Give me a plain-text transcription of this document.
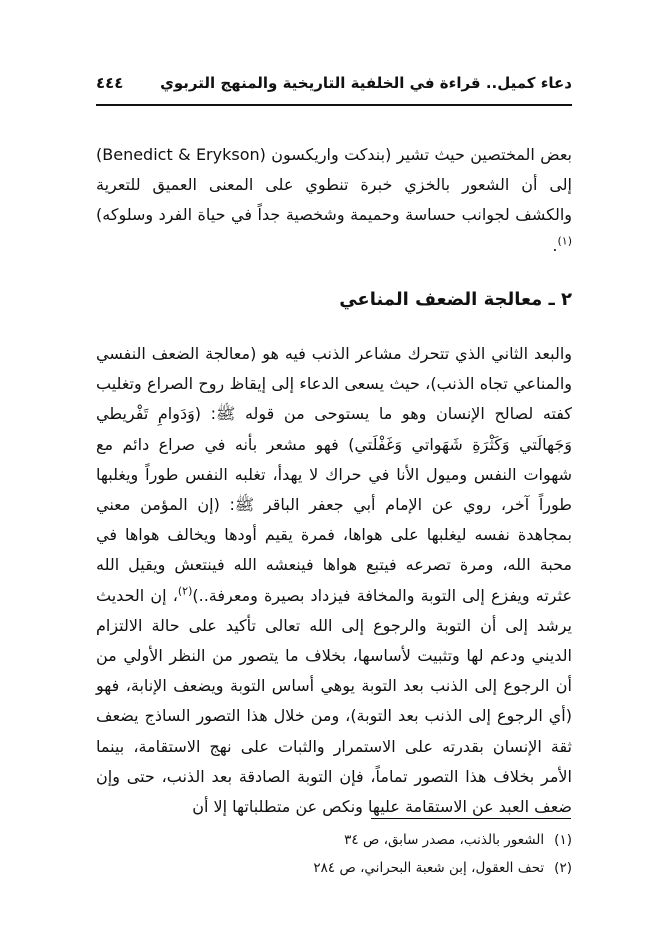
دعاء كميل.. قراءة في الخلفية التاريخية والمنهج التربوي
٤٤٤

بعض المختصين حيث تشير (بندكت واريكسون (Benedict & Erykson) إلى أن الشعور بالخزي خبرة تنطوي على المعنى العميق للتعرية والكشف لجوانب حساسة وحميمة وشخصية جداً في حياة الفرد وسلوكه)$^{(١)}$.

٢ ـ معالجة الضعف المناعي

والبعد الثاني الذي تتحرك مشاعر الذنب فيه هو (معالجة الضعف النفسي والمناعي تجاه الذنب)، حيث يسعى الدعاء إلى إيقاظ روح الصراع وتغليب كفته لصالح الإنسان وهو ما يستوحى من قوله ﷺ: (وَدَوامِ تَفْريطي وَجَهالَتي وَكَثْرَةِ شَهَواتي وَغَفْلَتي) فهو مشعر بأنه في صراع دائم مع شهوات النفس وميول الأنا في حراك لا يهدأ، تغلبه النفس طوراً ويغلبها طوراً آخر، روي عن الإمام أبي جعفر الباقر ﷺ: (إن المؤمن معني بمجاهدة نفسه ليغلبها على هواها، فمرة يقيم أودها ويخالف هواها في محبة الله، ومرة تصرعه فيتبع هواها فينعشه الله فينتعش ويقيل الله عثرته ويفزع إلى التوبة والمخافة فيزداد بصيرة ومعرفة..)$^{(٢)}$، إن الحديث يرشد إلى أن التوبة والرجوع إلى الله تعالى تأكيد على حالة الالتزام الديني ودعم لها وتثبيت لأساسها، بخلاف ما يتصور من النظر الأولي من أن الرجوع إلى الذنب بعد التوبة يوهي أساس التوبة ويضعف الإنابة، فهو (أي الرجوع إلى الذنب بعد التوبة)، ومن خلال هذا التصور الساذج يضعف ثقة الإنسان بقدرته على الاستمرار والثبات على نهج الاستقامة، بينما الأمر بخلاف هذا التصور تماماً، فإن التوبة الصادقة بعد الذنب، حتى وإن ضعف العبد عن الاستقامة عليها ونكص عن متطلباتها إلا أن

(١)
الشعور بالذنب، مصدر سابق، ص ٣٤
(٢)
تحف العقول، إبن شعبة البحراني، ص ٢٨٤
